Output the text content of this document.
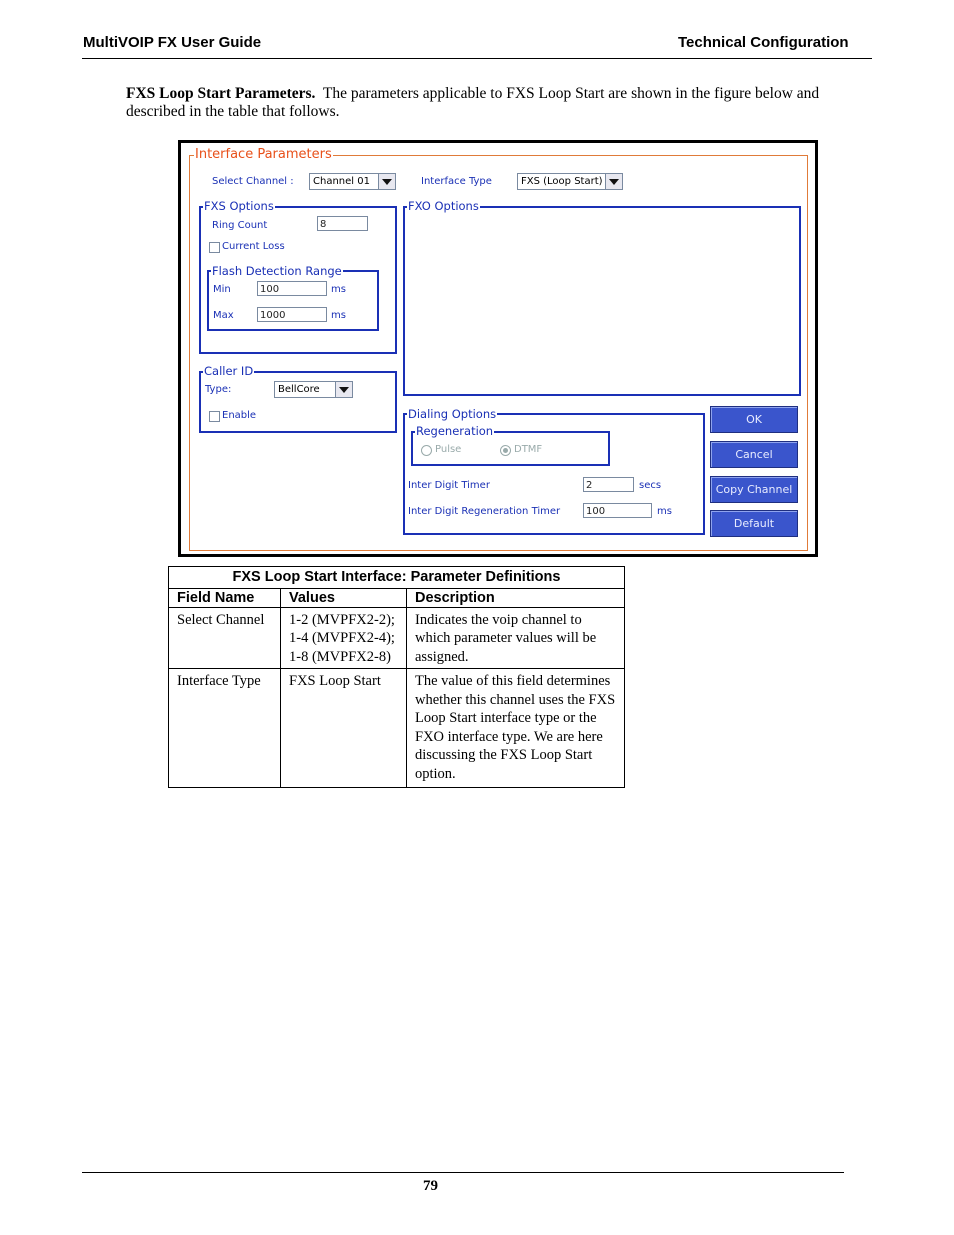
MultiVOIP FX User Guide	Technical Configuration
FXS Loop Start Parameters. The parameters applicable to FXS Loop Start are shown in the figure below and described in the table that follows.
Interface Parameters
Select Channel :	Channel 01	Interface Type	FXS (Loop Start)
FXS Options
Ring Count	8
Current Loss
Flash Detection Range
Min	100	ms
Max	1000	ms
FXO Options
Caller ID
Type:	BellCore
Enable	Dialing Options
Regeneration
Pulse	DTMF
Inter Digit Timer	2	secs
Inter Digit Regeneration Timer	100	ms
OK
Cancel
Copy Channel
Default
FXS Loop Start Interface: Parameter Definitions		
Field Name	Values	Description
Select Channel	1-2 (MVPFX2-2);
1-4 (MVPFX2-4);
1-8 (MVPFX2-8)	Indicates the voip channel to which parameter values will be assigned.
Interface Type	FXS Loop Start	The value of this field determines whether this channel uses the FXS Loop Start interface type or the FXO interface type. We are here discussing the FXS Loop Start option.
79
